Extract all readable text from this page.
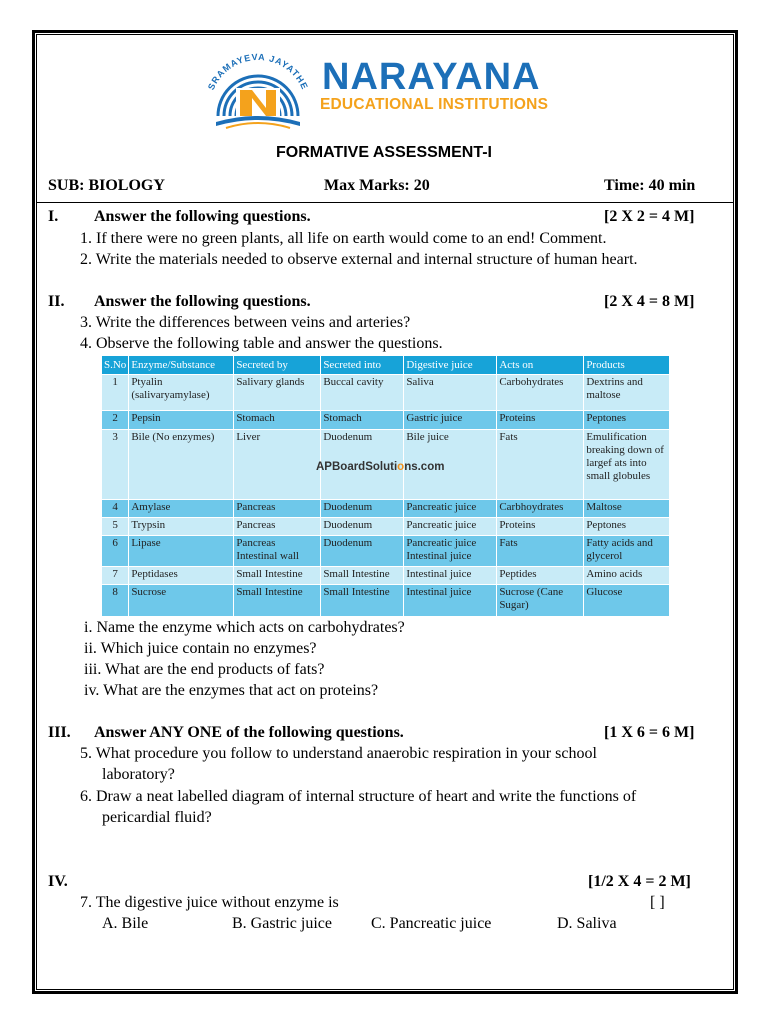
SRAMAYEVA JAYATHE NARAYANA
EDUCATIONAL INSTITUTIONS
FORMATIVE ASSESSMENT-I
SUB: BIOLOGY	Max Marks: 20	Time: 40 min
I. Answer the following questions.	[2 X 2 = 4 M]
1. If there were no green plants, all life on earth would come to an end! Comment.
2. Write the materials needed to observe external and internal structure of human heart.
II. Answer the following questions.	[2 X 4 = 8 M]
3. Write the differences between veins and arteries?
4. Observe the following table and answer the questions.
S.No	Enzyme/Substance	Secreted by	Secreted into	Digestive juice	Acts on	Products
1	Ptyalin (salivaryamylase)	Salivary glands	Buccal cavity	Saliva	Carbohydrates	Dextrins and maltose
2	Pepsin	Stomach	Stomach	Gastric juice	Proteins	Peptones
3	Bile (No enzymes)	Liver	Duodenum	Bile juice	Fats	Emulification breaking down of largef ats into small globules
4	Amylase	Pancreas	Duodenum	Pancreatic juice	Carbhoydrates	Maltose
5	Trypsin	Pancreas	Duodenum	Pancreatic juice	Proteins	Peptones
6	Lipase	Pancreas Intestinal wall	Duodenum	Pancreatic juice Intestinal juice	Fats	Fatty acids and glycerol
7	Peptidases	Small Intestine	Small Intestine	Intestinal juice	Peptides	Amino acids
8	Sucrose	Small Intestine	Small Intestine	Intestinal juice	Sucrose (Cane Sugar)	Glucose
APBoardSolutions.com
i. Name the enzyme which acts on carbohydrates?
ii. Which juice contain no enzymes?
iii. What are the end products of fats?
iv. What are the enzymes that act on proteins?
III. Answer ANY ONE of the following questions.	[1 X 6 = 6 M]
5. What procedure you follow to understand anaerobic respiration in your school
laboratory?
6. Draw a neat labelled diagram of internal structure of heart and write the functions of
pericardial fluid?
IV.	[1/2 X 4 = 2 M]
7. The digestive juice without enzyme is	[ ]
A. Bile	B. Gastric juice C. Pancreatic juice	D. Saliva
